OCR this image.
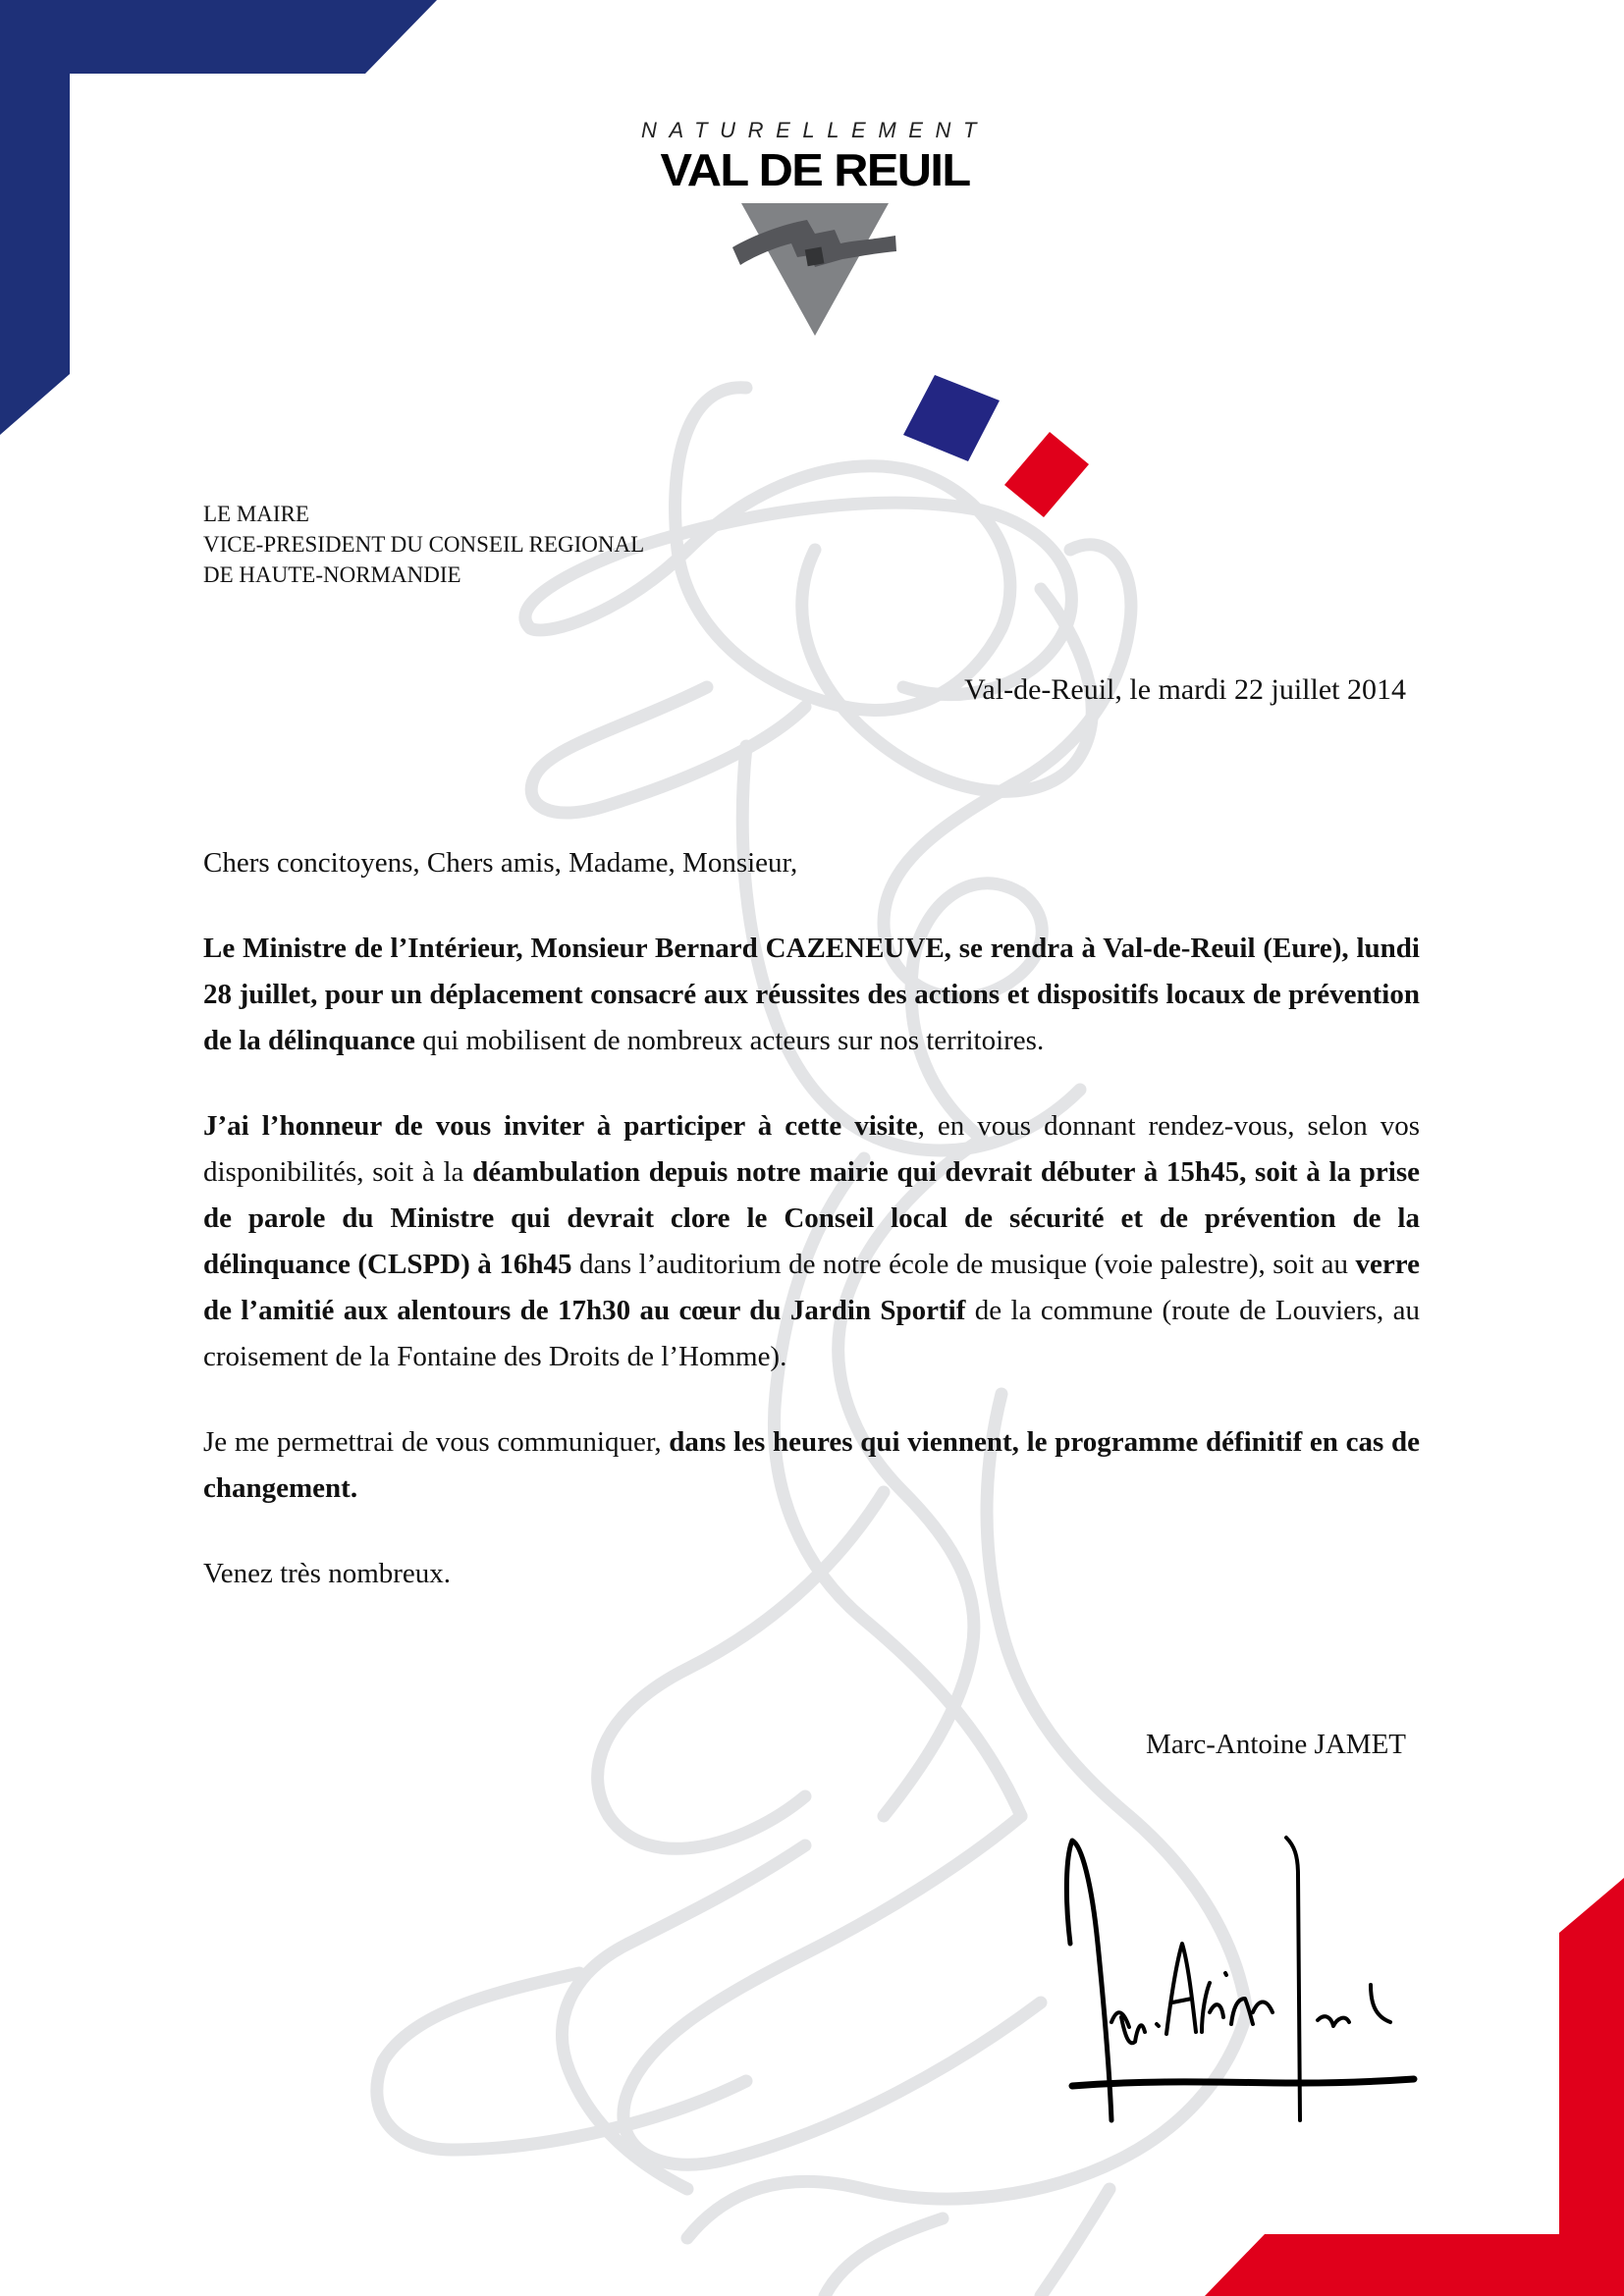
NATURELLEMENT
VAL DE REUIL
LE MAIRE
VICE-PRESIDENT DU CONSEIL REGIONAL
DE HAUTE-NORMANDIE
Val-de-Reuil, le mardi 22 juillet 2014

Chers concitoyens, Chers amis, Madame, Monsieur,

Le Ministre de l’Intérieur, Monsieur Bernard CAZENEUVE, se rendra à Val-de-Reuil (Eure), lundi 28 juillet, pour un déplacement consacré aux réussites des actions et dispositifs locaux de prévention de la délinquance qui mobilisent de nombreux acteurs sur nos territoires.

J’ai l’honneur de vous inviter à participer à cette visite, en vous donnant rendez-vous, selon vos disponibilités, soit à la déambulation depuis notre mairie qui devrait débuter à 15h45, soit à la prise de parole du Ministre qui devrait clore le Conseil local de sécurité et de prévention de la délinquance (CLSPD) à 16h45 dans l’auditorium de notre école de musique (voie palestre), soit au verre de l’amitié aux alentours de 17h30 au cœur du Jardin Sportif de la commune (route de Louviers, au croisement de la Fontaine des Droits de l’Homme).

Je me permettrai de vous communiquer, dans les heures qui viennent, le programme définitif en cas de changement.

Venez très nombreux.

Marc-Antoine JAMET
